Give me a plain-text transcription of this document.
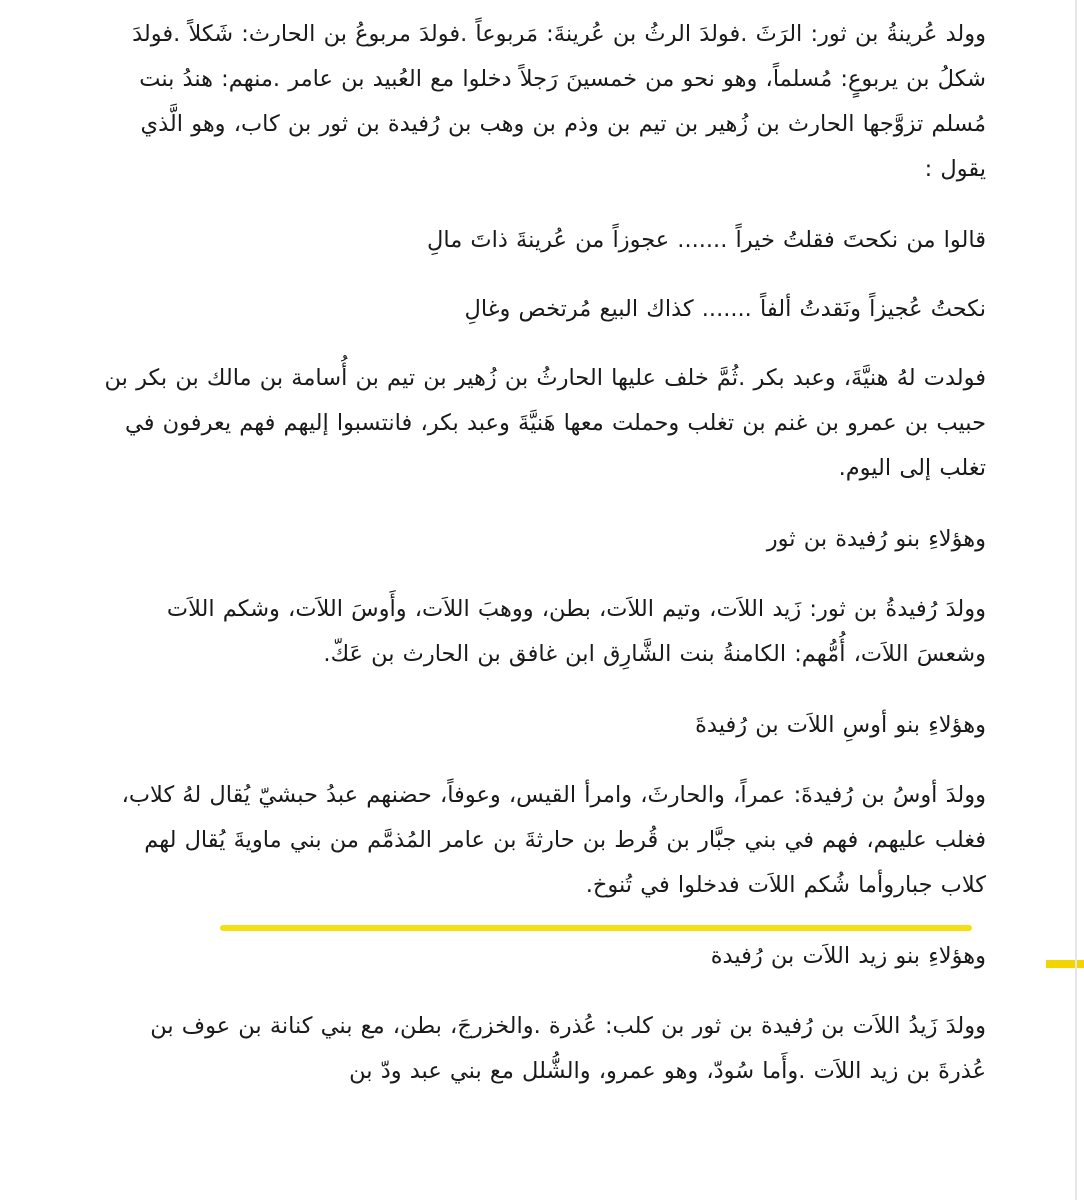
وولد عُرينةُ بن ثور: الرَثَ .فولدَ الرثُ بن عُرينةَ: مَربوعاً .فولدَ مربوعُ بن الحارث: شَكلاً .فولدَ شكلُ بن يربوعٍ: مُسلماً، وهو نحو من خمسينَ رَجلاً دخلوا مع العُبيد بن عامر .منهم: هندُ بنت مُسلم تزوَّجها الحارث بن زُهير بن تيم بن وذم بن وهب بن رُفيدة بن ثور بن كاب، وهو الَّذي يقول :

قالوا من نكحتَ فقلتُ خيراً ....... عجوزاً من عُرينةَ ذاتَ مالِ

نكحتُ عُجيزاً ونَقدتُ ألفاً ....... كذاك البيع مُرتخص وغالِ

فولدت لهُ هنيَّةَ، وعبد بكر .ثُمَّ خلف عليها الحارثُ بن زُهير بن تيم بن أُسامة بن مالك بن بكر بن حبيب بن عمرو بن غنم بن تغلب وحملت معها هَنيَّةَ وعبد بكر، فانتسبوا إليهم فهم يعرفون في تغلب إلى اليوم.

وهؤلاءِ بنو رُفيدة بن ثور

وولدَ رُفيدةُ بن ثور: زَيد اللاَت، وتيم اللاَت، بطن، ووهبَ اللاَت، وأَوسَ اللاَت، وشكم اللاَت وشعسَ اللاَت، أُمُّهم: الكامنةُ بنت الشَّارِق ابن غافق بن الحارث بن عَكّ.

وهؤلاءِ بنو أوسِ اللاَت بن رُفيدةَ

وولدَ أوسُ بن رُفيدةَ: عمراً، والحارثَ، وامرأ القيس، وعوفاً، حضنهم عبدُ حبشيّ يُقال لهُ كلاب، فغلب عليهم، فهم في بني جبَّار بن قُرط بن حارثةَ بن عامر المُذمَّم من بني ماويةَ يُقال لهم كلاب جباروأما شُكم اللاَت فدخلوا في تُنوخ.

وهؤلاءِ بنو زيد اللاَت بن رُفيدة

وولدَ زَيدُ اللاَت بن رُفيدة بن ثور بن كلب: عُذرة .والخزرجَ، بطن، مع بني كنانة بن عوف بن عُذرةَ بن زيد اللاَت .وأَما سُودّ، وهو عمرو، والشُّلل مع بني عبد ودّ بن
